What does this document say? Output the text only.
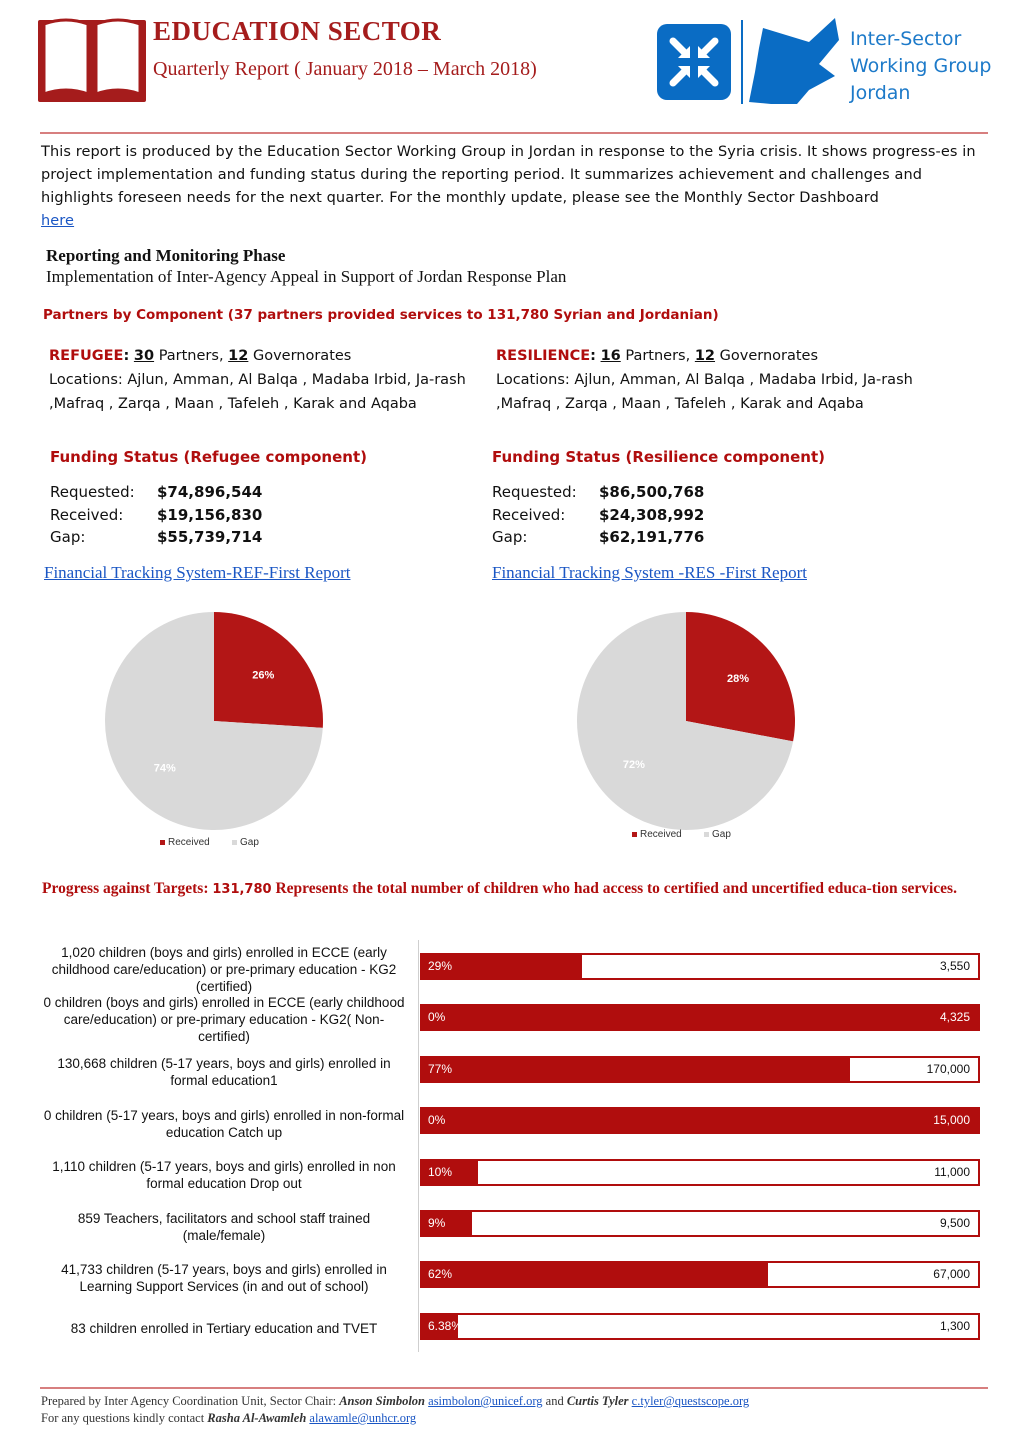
EDUCATION SECTOR
Quarterly Report ( January 2018 – March 2018)
Inter-Sector
Working Group
Jordan
This report is produced by the Education Sector Working Group in Jordan in response to the Syria crisis. It shows progress-es in project implementation and funding status during the reporting period. It summarizes achievement and challenges and highlights foreseen needs for the next quarter. For the monthly update, please see the Monthly Sector Dashboard
here
Reporting and Monitoring Phase
Implementation of Inter-Agency Appeal in Support of Jordan Response Plan
Partners by Component (37 partners provided services to 131,780 Syrian and Jordanian)
REFUGEE: 30 Partners, 12 Governorates
Locations: Ajlun, Amman, Al Balqa , Madaba Irbid, Ja-rash ,Mafraq , Zarqa , Maan , Tafeleh , Karak and Aqaba
RESILIENCE: 16 Partners, 12 Governorates
Locations: Ajlun, Amman, Al Balqa , Madaba Irbid, Ja-rash ,Mafraq , Zarqa , Maan , Tafeleh , Karak and Aqaba
Funding Status (Refugee component)
Requested: $74,896,544
Received: $19,156,830
Gap:	$55,739,714
Funding Status (Resilience component)
Requested: $86,500,768
Received: $24,308,992
Gap:	$62,191,776
Financial Tracking System-REF-First Report	Financial Tracking System -RES -First Report
26%
74%
Received	Gap
28%
72%
Received	Gap
Progress against Targets: 131,780 Represents the total number of children who had access to certified and uncertified educa-tion services.
1,020 children (boys and girls) enrolled in ECCE (early childhood care/education) or pre-primary education - KG2 (certified)
29%	3,550
0 children (boys and girls) enrolled in ECCE (early childhood care/education) or pre-primary education - KG2( Non-certified)
0%	4,325
130,668 children (5-17 years, boys and girls) enrolled in formal education1
77%	170,000
0 children (5-17 years, boys and girls) enrolled in non-formal education Catch up
0%	15,000
1,110 children (5-17 years, boys and girls) enrolled in non formal education Drop out
10%	11,000
859 Teachers, facilitators and school staff trained (male/female)
9%	9,500
41,733 children (5-17 years, boys and girls) enrolled in Learning Support Services (in and out of school)
62%	67,000
83 children enrolled in Tertiary education and TVET	6.38%	1,300
Prepared by Inter Agency Coordination Unit, Sector Chair: Anson Simbolon asimbolon@unicef.org and Curtis Tyler c.tyler@questscope.org
For any questions kindly contact Rasha Al-Awamleh alawamle@unhcr.org
